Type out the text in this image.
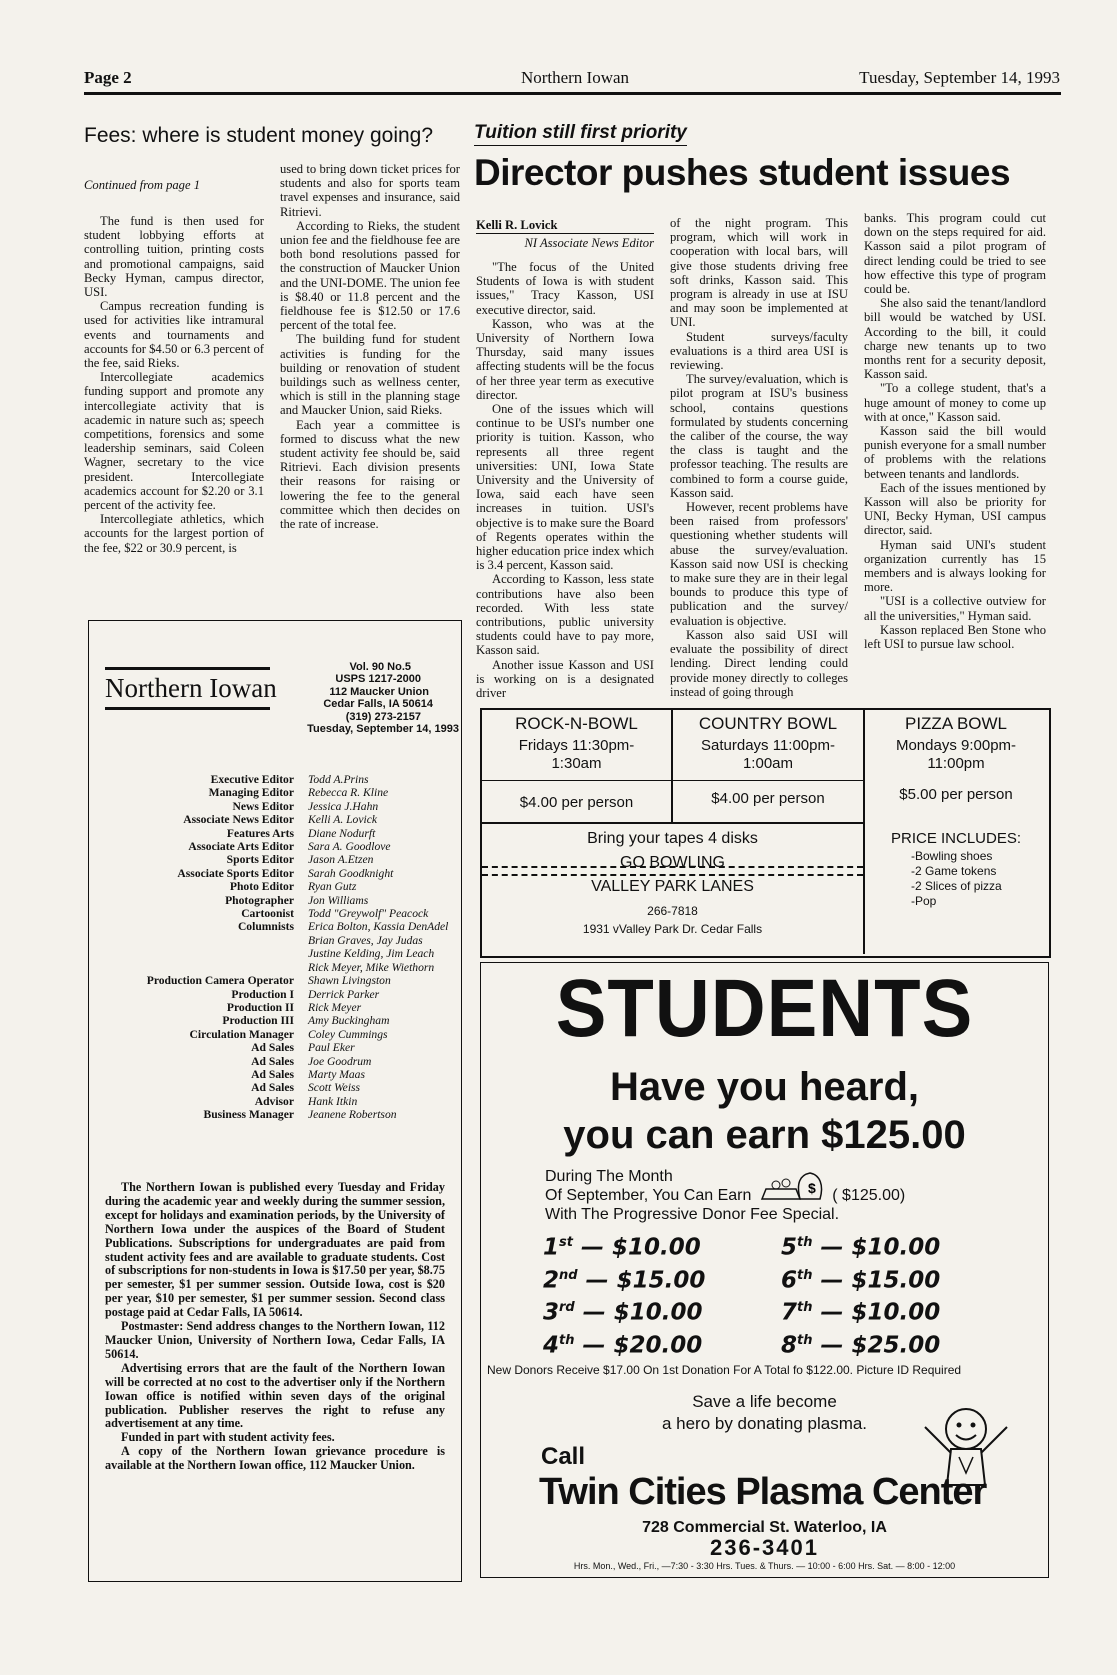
Page 2	Northern Iowan	Tuesday, September 14, 1993
Fees: where is student money going?
Continued from page 1

The fund is then used for student lobbying efforts at controlling tuition, printing costs and promotional campaigns, said Becky Hyman, campus director, USI.

Campus recreation funding is used for activities like intramural events and tournaments and accounts for $4.50 or 6.3 percent of the fee, said Rieks.

Intercollegiate academics funding support and promote any intercollegiate activity that is academic in nature such as; speech competitions, forensics and some leadership seminars, said Coleen Wagner, secretary to the vice president. Intercollegiate academics account for $2.20 or 3.1 percent of the activity fee.

Intercollegiate athletics, which accounts for the largest portion of the fee, $22 or 30.9 percent, is

used to bring down ticket prices for students and also for sports team travel expenses and insurance, said Ritrievi.

According to Rieks, the student union fee and the fieldhouse fee are both bond resolutions passed for the construction of Maucker Union and the UNI-DOME. The union fee is $8.40 or 11.8 percent and the fieldhouse fee is $12.50 or 17.6 percent of the total fee.

The building fund for student activities is funding for the building or renovation of student buildings such as wellness center, which is still in the planning stage and Maucker Union, said Rieks.

Each year a committee is formed to discuss what the new student activity fee should be, said Ritrievi. Each division presents their reasons for raising or lowering the fee to the general committee which then decides on the rate of increase.

Tuition still first priority
Director pushes student issues
Kelli R. Lovick
NI Associate News Editor

"The focus of the United Students of Iowa is with student issues," Tracy Kasson, USI executive director, said.

Kasson, who was at the University of Northern Iowa Thursday, said many issues affecting students will be the focus of her three year term as executive director.

One of the issues which will continue to be USI's number one priority is tuition. Kasson, who represents all three regent universities: UNI, Iowa State University and the University of Iowa, said each have seen increases in tuition. USI's objective is to make sure the Board of Regents operates within the higher education price index which is 3.4 percent, Kasson said.

According to Kasson, less state contributions have also been recorded. With less state contributions, public university students could have to pay more, Kasson said.

Another issue Kasson and USI is working on is a designated driver

of the night program. This program, which will work in cooperation with local bars, will give those students driving free soft drinks, Kasson said. This program is already in use at ISU and may soon be implemented at UNI.

Student surveys/faculty evaluations is a third area USI is reviewing.

The survey/evaluation, which is pilot program at ISU's business school, contains questions formulated by students concerning the caliber of the course, the way the class is taught and the professor teaching. The results are combined to form a course guide, Kasson said.

However, recent problems have been raised from professors' questioning whether students will abuse the survey/evaluation. Kasson said now USI is checking to make sure they are in their legal bounds to produce this type of publication and the survey/ evaluation is objective.

Kasson also said USI will evaluate the possibility of direct lending. Direct lending could provide money directly to colleges instead of going through

banks. This program could cut down on the steps required for aid. Kasson said a pilot program of direct lending could be tried to see how effective this type of program could be.

She also said the tenant/landlord bill would be watched by USI. According to the bill, it could charge new tenants up to two months rent for a security deposit, Kasson said.

"To a college student, that's a huge amount of money to come up with at once," Kasson said.

Kasson said the bill would punish everyone for a small number of problems with the relations between tenants and landlords.

Each of the issues mentioned by Kasson will also be priority for UNI, Becky Hyman, USI campus director, said.

Hyman said UNI's student organization currently has 15 members and is always looking for more.

"USI is a collective outview for all the universities," Hyman said.

Kasson replaced Ben Stone who left USI to pursue law school.

Northern Iowan
Vol. 90 No.5
USPS 1217-2000
112 Maucker Union
Cedar Falls, IA 50614
(319) 273-2157
Tuesday, September 14, 1993
Executive Editor	Todd A.Prins
Managing Editor	Rebecca R. Kline
News Editor	Jessica J.Hahn
Associate News Editor	Kelli A. Lovick
Features Arts	Diane Nodurft
Associate Arts Editor	Sara A. Goodlove
Sports Editor	Jason A.Etzen
Associate Sports Editor	Sarah Goodknight
Photo Editor	Ryan Gutz
Photographer	Jon Williams
Cartoonist	Todd "Greywolf" Peacock
Columnists	Erica Bolton, Kassia DenAdel
Brian Graves, Jay Judas
Justine Kelding, Jim Leach
Rick Meyer, Mike Wiethorn
Production Camera Operator	Shawn Livingston
Production I	Derrick Parker
Production II	Rick Meyer
Production III	Amy Buckingham
Circulation Manager	Coley Cummings
Ad Sales	Paul Eker
Ad Sales	Joe Goodrum
Ad Sales	Marty Maas
Ad Sales	Scott Weiss
Advisor	Hank Itkin
Business Manager	Jeanene Robertson

The Northern Iowan is published every Tuesday and Friday during the academic year and weekly during the summer session, except for holidays and examination periods, by the University of Northern Iowa under the auspices of the Board of Student Publications. Subscriptions for undergraduates are paid from student activity fees and are available to graduate students. Cost of subscriptions for non-students in Iowa is $17.50 per year, $8.75 per semester, $1 per summer session. Outside Iowa, cost is $20 per year, $10 per semester, $1 per summer session. Second class postage paid at Cedar Falls, IA 50614.

Postmaster: Send address changes to the Northern Iowan, 112 Maucker Union, University of Northern Iowa, Cedar Falls, IA 50614.

Advertising errors that are the fault of the Northern Iowan will be corrected at no cost to the advertiser only if the Northern Iowan office is notified within seven days of the original publication. Publisher reserves the right to refuse any advertisement at any time.

Funded in part with student activity fees.

A copy of the Northern Iowan grievance procedure is available at the Northern Iowan office, 112 Maucker Union.

ROCK-N-BOWL
Fridays 11:30pm-
1:30am
$4.00 per person
COUNTRY BOWL
Saturdays 11:00pm-
1:00am
$4.00 per person
PIZZA BOWL
Mondays 9:00pm-
11:00pm
$5.00 per person
Bring your tapes 4 disks
GO BOWLING
VALLEY PARK LANES
266-7818
1931 vValley Park Dr. Cedar Falls
PRICE INCLUDES:
-Bowling shoes
-2 Game tokens
-2 Slices of pizza
-Pop
STUDENTS
Have you heard,
you can earn $125.00
During The Month
Of September, You Can Earn	$ ( $125.00)
With The Progressive Donor Fee Special.
1st — $10.00
2nd — $15.00
3rd — $10.00
4th — $20.00
5th — $10.00
6th — $15.00
7th — $10.00
8th — $25.00
New Donors Receive $17.00 On 1st Donation For A Total fo $122.00. Picture ID Required
Save a life become
a hero by donating plasma.
Call
Twin Cities Plasma Center
728 Commercial St. Waterloo, IA
236-3401
Hrs. Mon., Wed., Fri., —7:30 - 3:30 Hrs. Tues. & Thurs. — 10:00 - 6:00 Hrs. Sat. — 8:00 - 12:00
